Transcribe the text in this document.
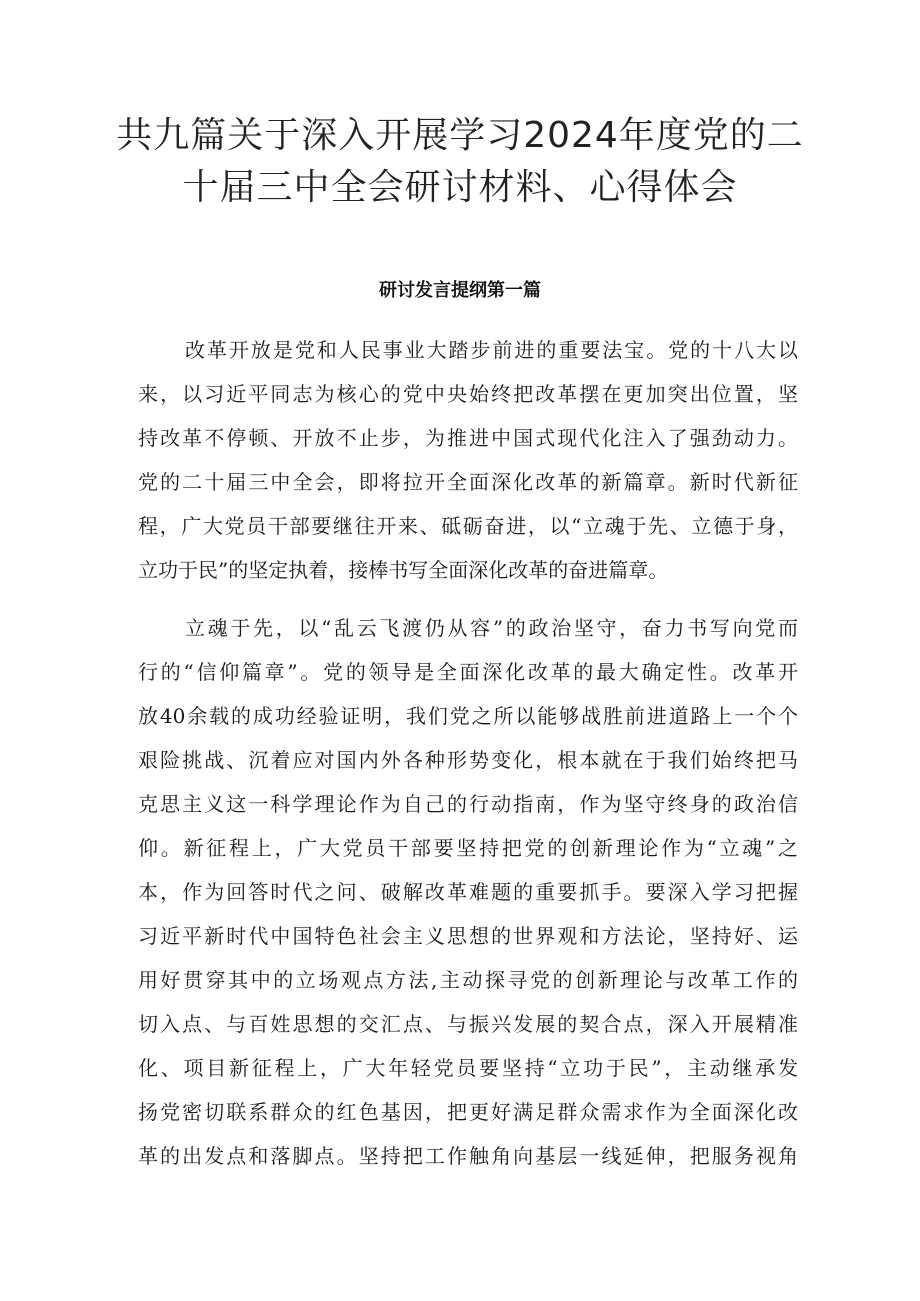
共九篇关于深入开展学习2024年度党的二
十届三中全会研讨材料、心得体会
研讨发言提纲第一篇
改革开放是党和人民事业大踏步前进的重要法宝。党的十八大以
来，以习近平同志为核心的党中央始终把改革摆在更加突出位置，坚
持改革不停顿、开放不止步，为推进中国式现代化注入了强劲动力。
党的二十届三中全会，即将拉开全面深化改革的新篇章。新时代新征
程，广大党员干部要继往开来、砥砺奋进，以“立魂于先、立德于身，
立功于民”的坚定执着，接棒书写全面深化改革的奋进篇章。
立魂于先，以“乱云飞渡仍从容”的政治坚守，奋力书写向党而
行的“信仰篇章”。党的领导是全面深化改革的最大确定性。改革开
放40余载的成功经验证明，我们党之所以能够战胜前进道路上一个个
艰险挑战、沉着应对国内外各种形势变化，根本就在于我们始终把马
克思主义这一科学理论作为自己的行动指南，作为坚守终身的政治信
仰。新征程上，广大党员干部要坚持把党的创新理论作为“立魂”之
本，作为回答时代之问、破解改革难题的重要抓手。要深入学习把握
习近平新时代中国特色社会主义思想的世界观和方法论，坚持好、运
用好贯穿其中的立场观点方法,主动探寻党的创新理论与改革工作的
切入点、与百姓思想的交汇点、与振兴发展的契合点，深入开展精准
化、项目新征程上，广大年轻党员要坚持“立功于民”，主动继承发
扬党密切联系群众的红色基因，把更好满足群众需求作为全面深化改
革的出发点和落脚点。坚持把工作触角向基层一线延伸，把服务视角
